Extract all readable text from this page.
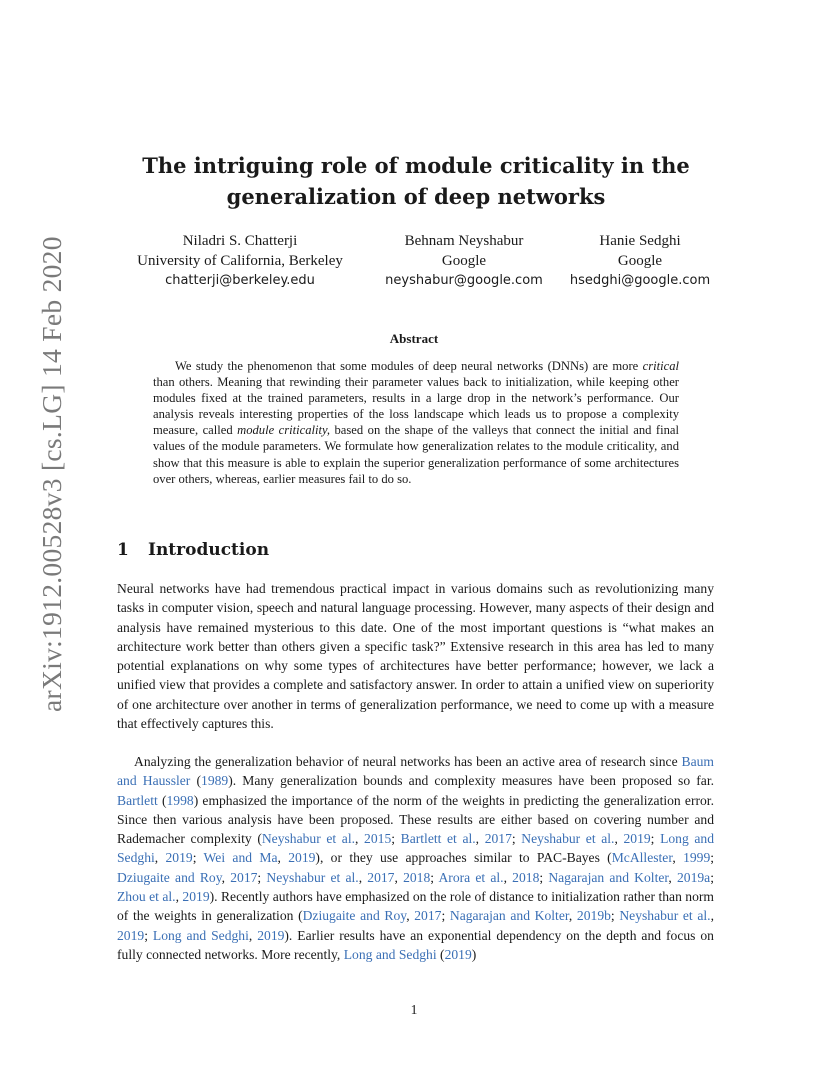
arXiv:1912.00528v3 [cs.LG] 14 Feb 2020
The intriguing role of module criticality in the generalization of deep networks
Niladri S. Chatterji
University of California, Berkeley
chatterji@berkeley.edu
Behnam Neyshabur
Google
neyshabur@google.com
Hanie Sedghi
Google
hsedghi@google.com
Abstract

We study the phenomenon that some modules of deep neural networks (DNNs) are more critical than others. Meaning that rewinding their parameter values back to initialization, while keeping other modules fixed at the trained parameters, results in a large drop in the network’s performance. Our analysis reveals interesting properties of the loss landscape which leads us to propose a complexity measure, called module criticality, based on the shape of the valleys that connect the initial and final values of the module parameters. We formulate how generalization relates to the module criticality, and show that this measure is able to explain the superior generalization performance of some architectures over others, whereas, earlier measures fail to do so.

1 Introduction

Neural networks have had tremendous practical impact in various domains such as revolutionizing many tasks in computer vision, speech and natural language processing. However, many aspects of their design and analysis have remained mysterious to this date. One of the most important questions is “what makes an architecture work better than others given a specific task?” Extensive research in this area has led to many potential explanations on why some types of architectures have better performance; however, we lack a unified view that provides a complete and satisfactory answer. In order to attain a unified view on superiority of one architecture over another in terms of generalization performance, we need to come up with a measure that effectively captures this.

Analyzing the generalization behavior of neural networks has been an active area of research since Baum and Haussler (1989). Many generalization bounds and complexity measures have been proposed so far. Bartlett (1998) emphasized the importance of the norm of the weights in predicting the generalization error. Since then various analysis have been proposed. These results are either based on covering number and Rademacher complexity (Neyshabur et al., 2015; Bartlett et al., 2017; Neyshabur et al., 2019; Long and Sedghi, 2019; Wei and Ma, 2019), or they use approaches similar to PAC-Bayes (McAllester, 1999; Dziugaite and Roy, 2017; Neyshabur et al., 2017, 2018; Arora et al., 2018; Nagarajan and Kolter, 2019a; Zhou et al., 2019). Recently authors have emphasized on the role of distance to initialization rather than norm of the weights in generalization (Dziugaite and Roy, 2017; Nagarajan and Kolter, 2019b; Neyshabur et al., 2019; Long and Sedghi, 2019). Earlier results have an exponential dependency on the depth and focus on fully connected networks. More recently, Long and Sedghi (2019)

1
